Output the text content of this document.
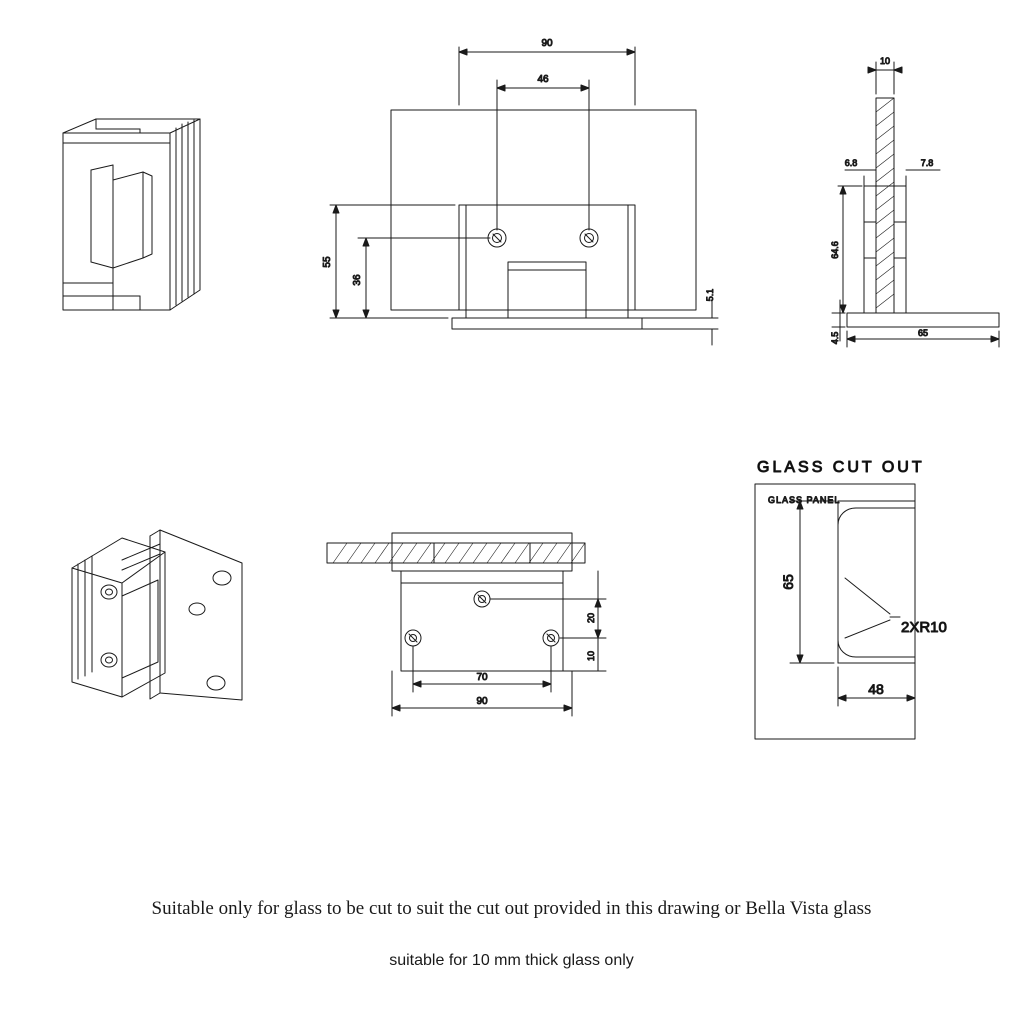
90
46
55
36
5.1
10
6.8	7.8
64.6
4.5	65
20
10
70
90
65
48
GLASS CUT OUT
GLASS PANEL
2XR10
Suitable only for glass to be cut to suit the cut out provided in this drawing or Bella Vista glass
suitable for 10 mm thick glass only
